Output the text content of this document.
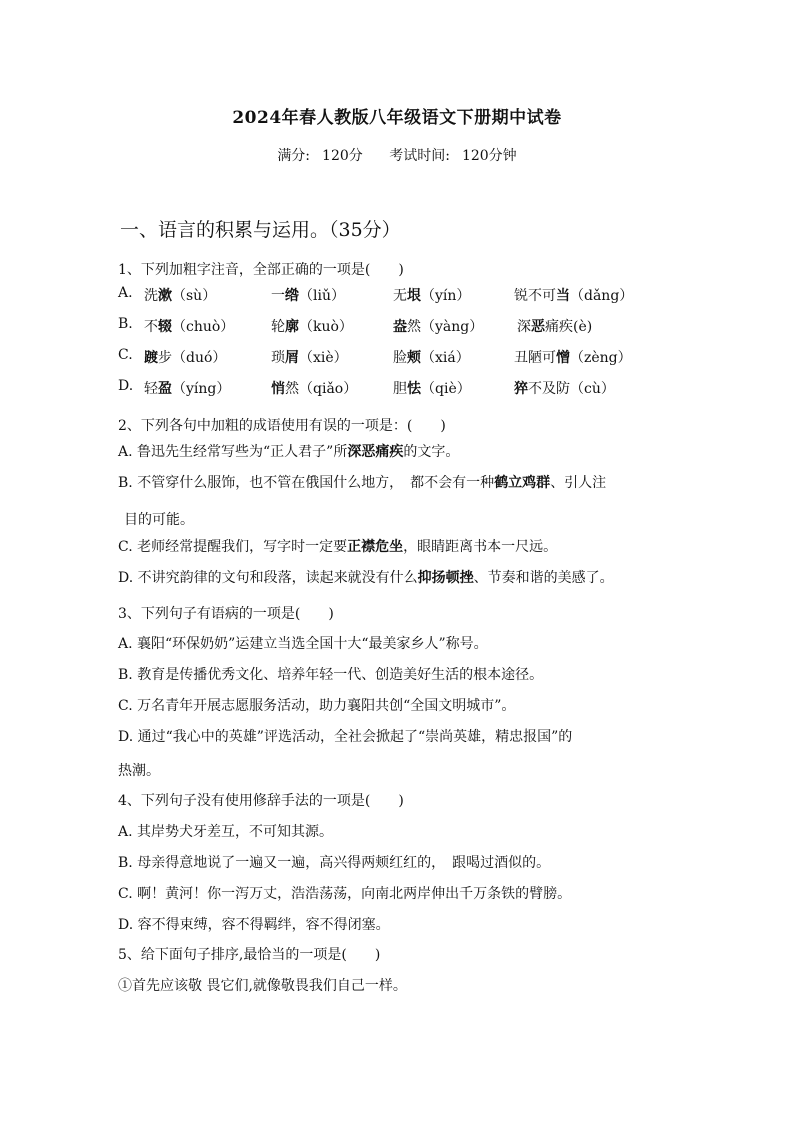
2024年春人教版八年级语文下册期中试卷
满分: 120分 考试时间: 120分钟
一、语言的积累与运用。（35分）
1、下列加粗字注音，全部正确的一项是(　　)
A. 洗漱（sù）	一绺（liǔ）	无垠（yín）	锐不可当（dǎng）
B. 不辍（chuò）	轮廓（kuò）	盎然（yàng） 深恶痛疾(è)
C. 踱步（duó）	琐屑（xiè）	脸颊（xiá）	丑陋可憎（zèng）
D. 轻盈（yíng）	悄然（qiǎo）	胆怯（qiè）	猝不及防（cù）
2、下列各句中加粗的成语使用有误的一项是：(　　)
A. 鲁迅先生经常写些为“正人君子”所深恶痛疾的文字。
B. 不管穿什么服饰，也不管在俄国什么地方，　都不会有一种鹤立鸡群、引人注
目的可能。
C. 老师经常提醒我们，写字时一定要正襟危坐，眼睛距离书本一尺远。
D. 不讲究韵律的文句和段落，读起来就没有什么抑扬顿挫、节奏和谐的美感了。
3、下列句子有语病的一项是(　　)
A. 襄阳“环保奶奶”运建立当选全国十大“最美家乡人”称号。
B. 教育是传播优秀文化、培养年轻一代、创造美好生活的根本途径。
C. 万名青年开展志愿服务活动，助力襄阳共创“全国文明城市”。
D. 通过“我心中的英雄”评选活动，全社会掀起了“崇尚英雄，精忠报国”的
热潮。
4、下列句子没有使用修辞手法的一项是(　　)
A. 其岸势犬牙差互，不可知其源。
B. 母亲得意地说了一遍又一遍，高兴得两颊红红的，　跟喝过酒似的。
C. 啊！黄河！你一泻万丈，浩浩荡荡，向南北两岸伸出千万条铁的臂膀。
D. 容不得束缚，容不得羁绊，容不得闭塞。
5、给下面句子排序,最恰当的一项是(　　)
①首先应该敬 畏它们,就像敬畏我们自己一样。
